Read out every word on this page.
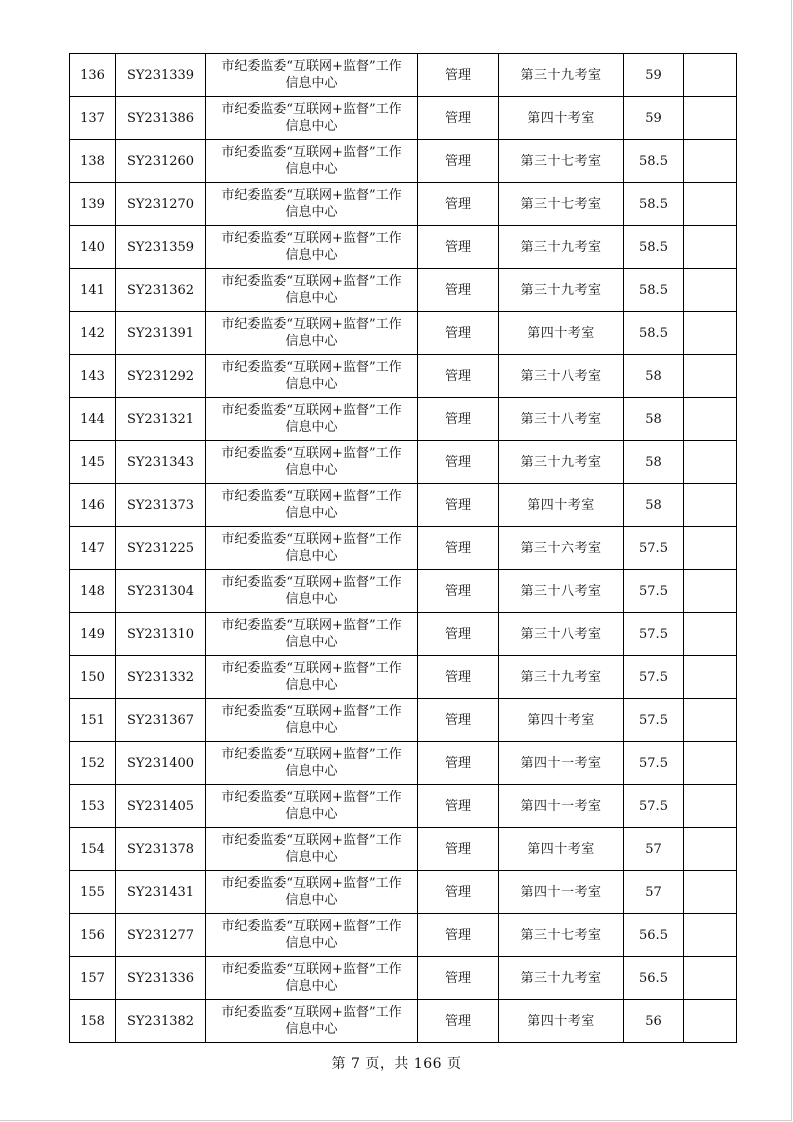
136	SY231339	市纪委监委“互联网+监督”工作信息中心	管理	第三十九考室	59	
137	SY231386	市纪委监委“互联网+监督”工作信息中心	管理	第四十考室	59	
138	SY231260	市纪委监委“互联网+监督”工作信息中心	管理	第三十七考室	58.5	
139	SY231270	市纪委监委“互联网+监督”工作信息中心	管理	第三十七考室	58.5	
140	SY231359	市纪委监委“互联网+监督”工作信息中心	管理	第三十九考室	58.5	
141	SY231362	市纪委监委“互联网+监督”工作信息中心	管理	第三十九考室	58.5	
142	SY231391	市纪委监委“互联网+监督”工作信息中心	管理	第四十考室	58.5	
143	SY231292	市纪委监委“互联网+监督”工作信息中心	管理	第三十八考室	58	
144	SY231321	市纪委监委“互联网+监督”工作信息中心	管理	第三十八考室	58	
145	SY231343	市纪委监委“互联网+监督”工作信息中心	管理	第三十九考室	58	
146	SY231373	市纪委监委“互联网+监督”工作信息中心	管理	第四十考室	58	
147	SY231225	市纪委监委“互联网+监督”工作信息中心	管理	第三十六考室	57.5	
148	SY231304	市纪委监委“互联网+监督”工作信息中心	管理	第三十八考室	57.5	
149	SY231310	市纪委监委“互联网+监督”工作信息中心	管理	第三十八考室	57.5	
150	SY231332	市纪委监委“互联网+监督”工作信息中心	管理	第三十九考室	57.5	
151	SY231367	市纪委监委“互联网+监督”工作信息中心	管理	第四十考室	57.5	
152	SY231400	市纪委监委“互联网+监督”工作信息中心	管理	第四十一考室	57.5	
153	SY231405	市纪委监委“互联网+监督”工作信息中心	管理	第四十一考室	57.5	
154	SY231378	市纪委监委“互联网+监督”工作信息中心	管理	第四十考室	57	
155	SY231431	市纪委监委“互联网+监督”工作信息中心	管理	第四十一考室	57	
156	SY231277	市纪委监委“互联网+监督”工作信息中心	管理	第三十七考室	56.5	
157	SY231336	市纪委监委“互联网+监督”工作信息中心	管理	第三十九考室	56.5	
158	SY231382	市纪委监委“互联网+监督”工作信息中心	管理	第四十考室	56	
第 7 页，共 166 页
